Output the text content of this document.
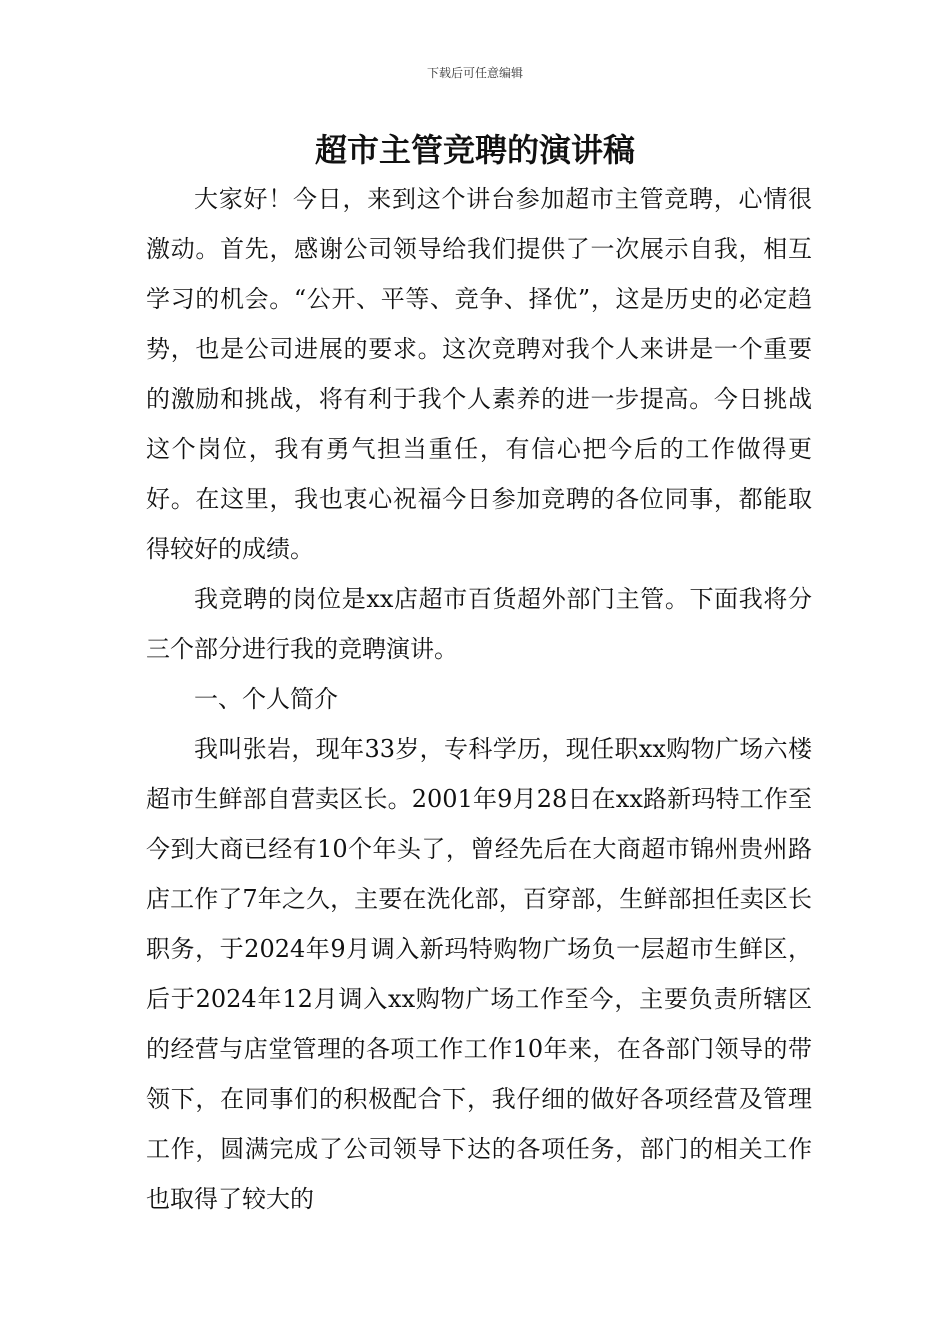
下载后可任意编辑
超市主管竞聘的演讲稿

大家好！今日，来到这个讲台参加超市主管竞聘，心情很激动。首先，感谢公司领导给我们提供了一次展示自我，相互学习的机会。“公开、平等、竞争、择优”，这是历史的必定趋势，也是公司进展的要求。这次竞聘对我个人来讲是一个重要的激励和挑战，将有利于我个人素养的进一步提高。今日挑战这个岗位，我有勇气担当重任，有信心把今后的工作做得更好。在这里，我也衷心祝福今日参加竞聘的各位同事，都能取得较好的成绩。

我竞聘的岗位是xx店超市百货超外部门主管。下面我将分三个部分进行我的竞聘演讲。

一、个人简介

我叫张岩，现年33岁，专科学历，现任职xx购物广场六楼超市生鲜部自营卖区长。2001年9月28日在xx路新玛特工作至今到大商已经有10个年头了，曾经先后在大商超市锦州贵州路店工作了7年之久，主要在洗化部，百穿部，生鲜部担任卖区长职务，于2024年9月调入新玛特购物广场负一层超市生鲜区，后于2024年12月调入xx购物广场工作至今，主要负责所辖区的经营与店堂管理的各项工作工作10年来，在各部门领导的带领下，在同事们的积极配合下，我仔细的做好各项经营及管理工作，圆满完成了公司领导下达的各项任务，部门的相关工作也取得了较大的
